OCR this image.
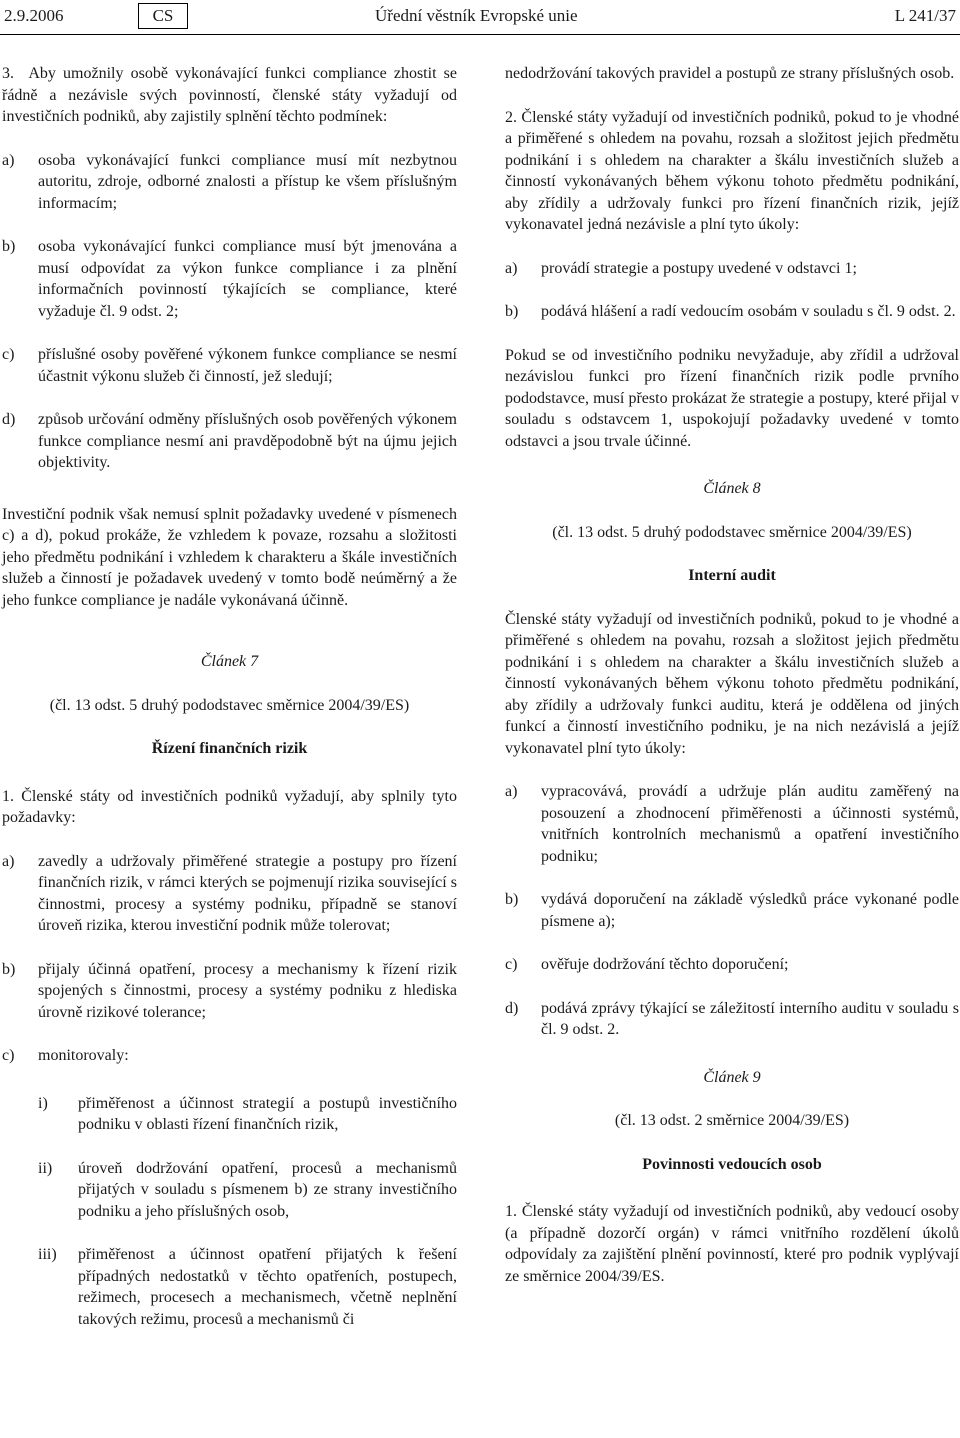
2.9.2006	CS	Úřední věstník Evropské unie	L 241/37

3. Aby umožnily osobě vykonávající funkci compliance zhostit se řádně a nezávisle svých povinností, členské státy vyžadují od investičních podniků, aby zajistily splnění těchto podmínek:

a)	osoba vykonávající funkci compliance musí mít nezbytnou autoritu, zdroje, odborné znalosti a přístup ke všem příslušným informacím;
b)	osoba vykonávající funkci compliance musí být jmenována a musí odpovídat za výkon funkce compliance i za plnění informačních povinností týkajících se compliance, které vyžaduje čl. 9 odst. 2;
c)	příslušné osoby pověřené výkonem funkce compliance se nesmí účastnit výkonu služeb či činností, jež sledují;
d)	způsob určování odměny příslušných osob pověřených výkonem funkce compliance nesmí ani pravděpodobně být na újmu jejich objektivity.

Investiční podnik však nemusí splnit požadavky uvedené v písmenech c) a d), pokud prokáže, že vzhledem k povaze, rozsahu a složitosti jeho předmětu podnikání i vzhledem k charakteru a škále investičních služeb a činností je požadavek uvedený v tomto bodě neúměrný a že jeho funkce compliance je nadále vykonávaná účinně.

Článek 7

(čl. 13 odst. 5 druhý pododstavec směrnice 2004/39/ES)

Řízení finančních rizik

1. Členské státy od investičních podniků vyžadují, aby splnily tyto požadavky:

a)	zavedly a udržovaly přiměřené strategie a postupy pro řízení finančních rizik, v rámci kterých se pojmenují rizika související s činnostmi, procesy a systémy podniku, případně se stanoví úroveň rizika, kterou investiční podnik může tolerovat;
b)	přijaly účinná opatření, procesy a mechanismy k řízení rizik spojených s činnostmi, procesy a systémy podniku z hlediska úrovně rizikové tolerance;
c)	monitorovaly:
i)	přiměřenost a účinnost strategií a postupů investičního podniku v oblasti řízení finančních rizik,
ii)	úroveň dodržování opatření, procesů a mechanismů přijatých v souladu s písmenem b) ze strany investičního podniku a jeho příslušných osob,
iii)	přiměřenost a účinnost opatření přijatých k řešení případných nedostatků v těchto opatřeních, postupech, režimech, procesech a mechanismech, včetně neplnění takových režimu, procesů a mechanismů či

nedodržování takových pravidel a postupů ze strany příslušných osob.

2. Členské státy vyžadují od investičních podniků, pokud to je vhodné a přiměřené s ohledem na povahu, rozsah a složitost jejich předmětu podnikání i s ohledem na charakter a škálu investičních služeb a činností vykonávaných během výkonu tohoto předmětu podnikání, aby zřídily a udržovaly funkci pro řízení finančních rizik, jejíž vykonavatel jedná nezávisle a plní tyto úkoly:

a)	provádí strategie a postupy uvedené v odstavci 1;
b)	podává hlášení a radí vedoucím osobám v souladu s čl. 9 odst. 2.

Pokud se od investičního podniku nevyžaduje, aby zřídil a udržoval nezávislou funkci pro řízení finančních rizik podle prvního pododstavce, musí přesto prokázat že strategie a postupy, které přijal v souladu s odstavcem 1, uspokojují požadavky uvedené v tomto odstavci a jsou trvale účinné.

Článek 8

(čl. 13 odst. 5 druhý pododstavec směrnice 2004/39/ES)

Interní audit

Členské státy vyžadují od investičních podniků, pokud to je vhodné a přiměřené s ohledem na povahu, rozsah a složitost jejich předmětu podnikání i s ohledem na charakter a škálu investičních služeb a činností vykonávaných během výkonu tohoto předmětu podnikání, aby zřídily a udržovaly funkci auditu, která je oddělena od jiných funkcí a činností investičního podniku, je na nich nezávislá a jejíž vykonavatel plní tyto úkoly:

a)	vypracovává, provádí a udržuje plán auditu zaměřený na posouzení a zhodnocení přiměřenosti a účinnosti systémů, vnitřních kontrolních mechanismů a opatření investičního podniku;
b)	vydává doporučení na základě výsledků práce vykonané podle písmene a);
c)	ověřuje dodržování těchto doporučení;
d)	podává zprávy týkající se záležitostí interního auditu v souladu s čl. 9 odst. 2.

Článek 9

(čl. 13 odst. 2 směrnice 2004/39/ES)

Povinnosti vedoucích osob

1. Členské státy vyžadují od investičních podniků, aby vedoucí osoby (a případně dozorčí orgán) v rámci vnitřního rozdělení úkolů odpovídaly za zajištění plnění povinností, které pro podnik vyplývají ze směrnice 2004/39/ES.
